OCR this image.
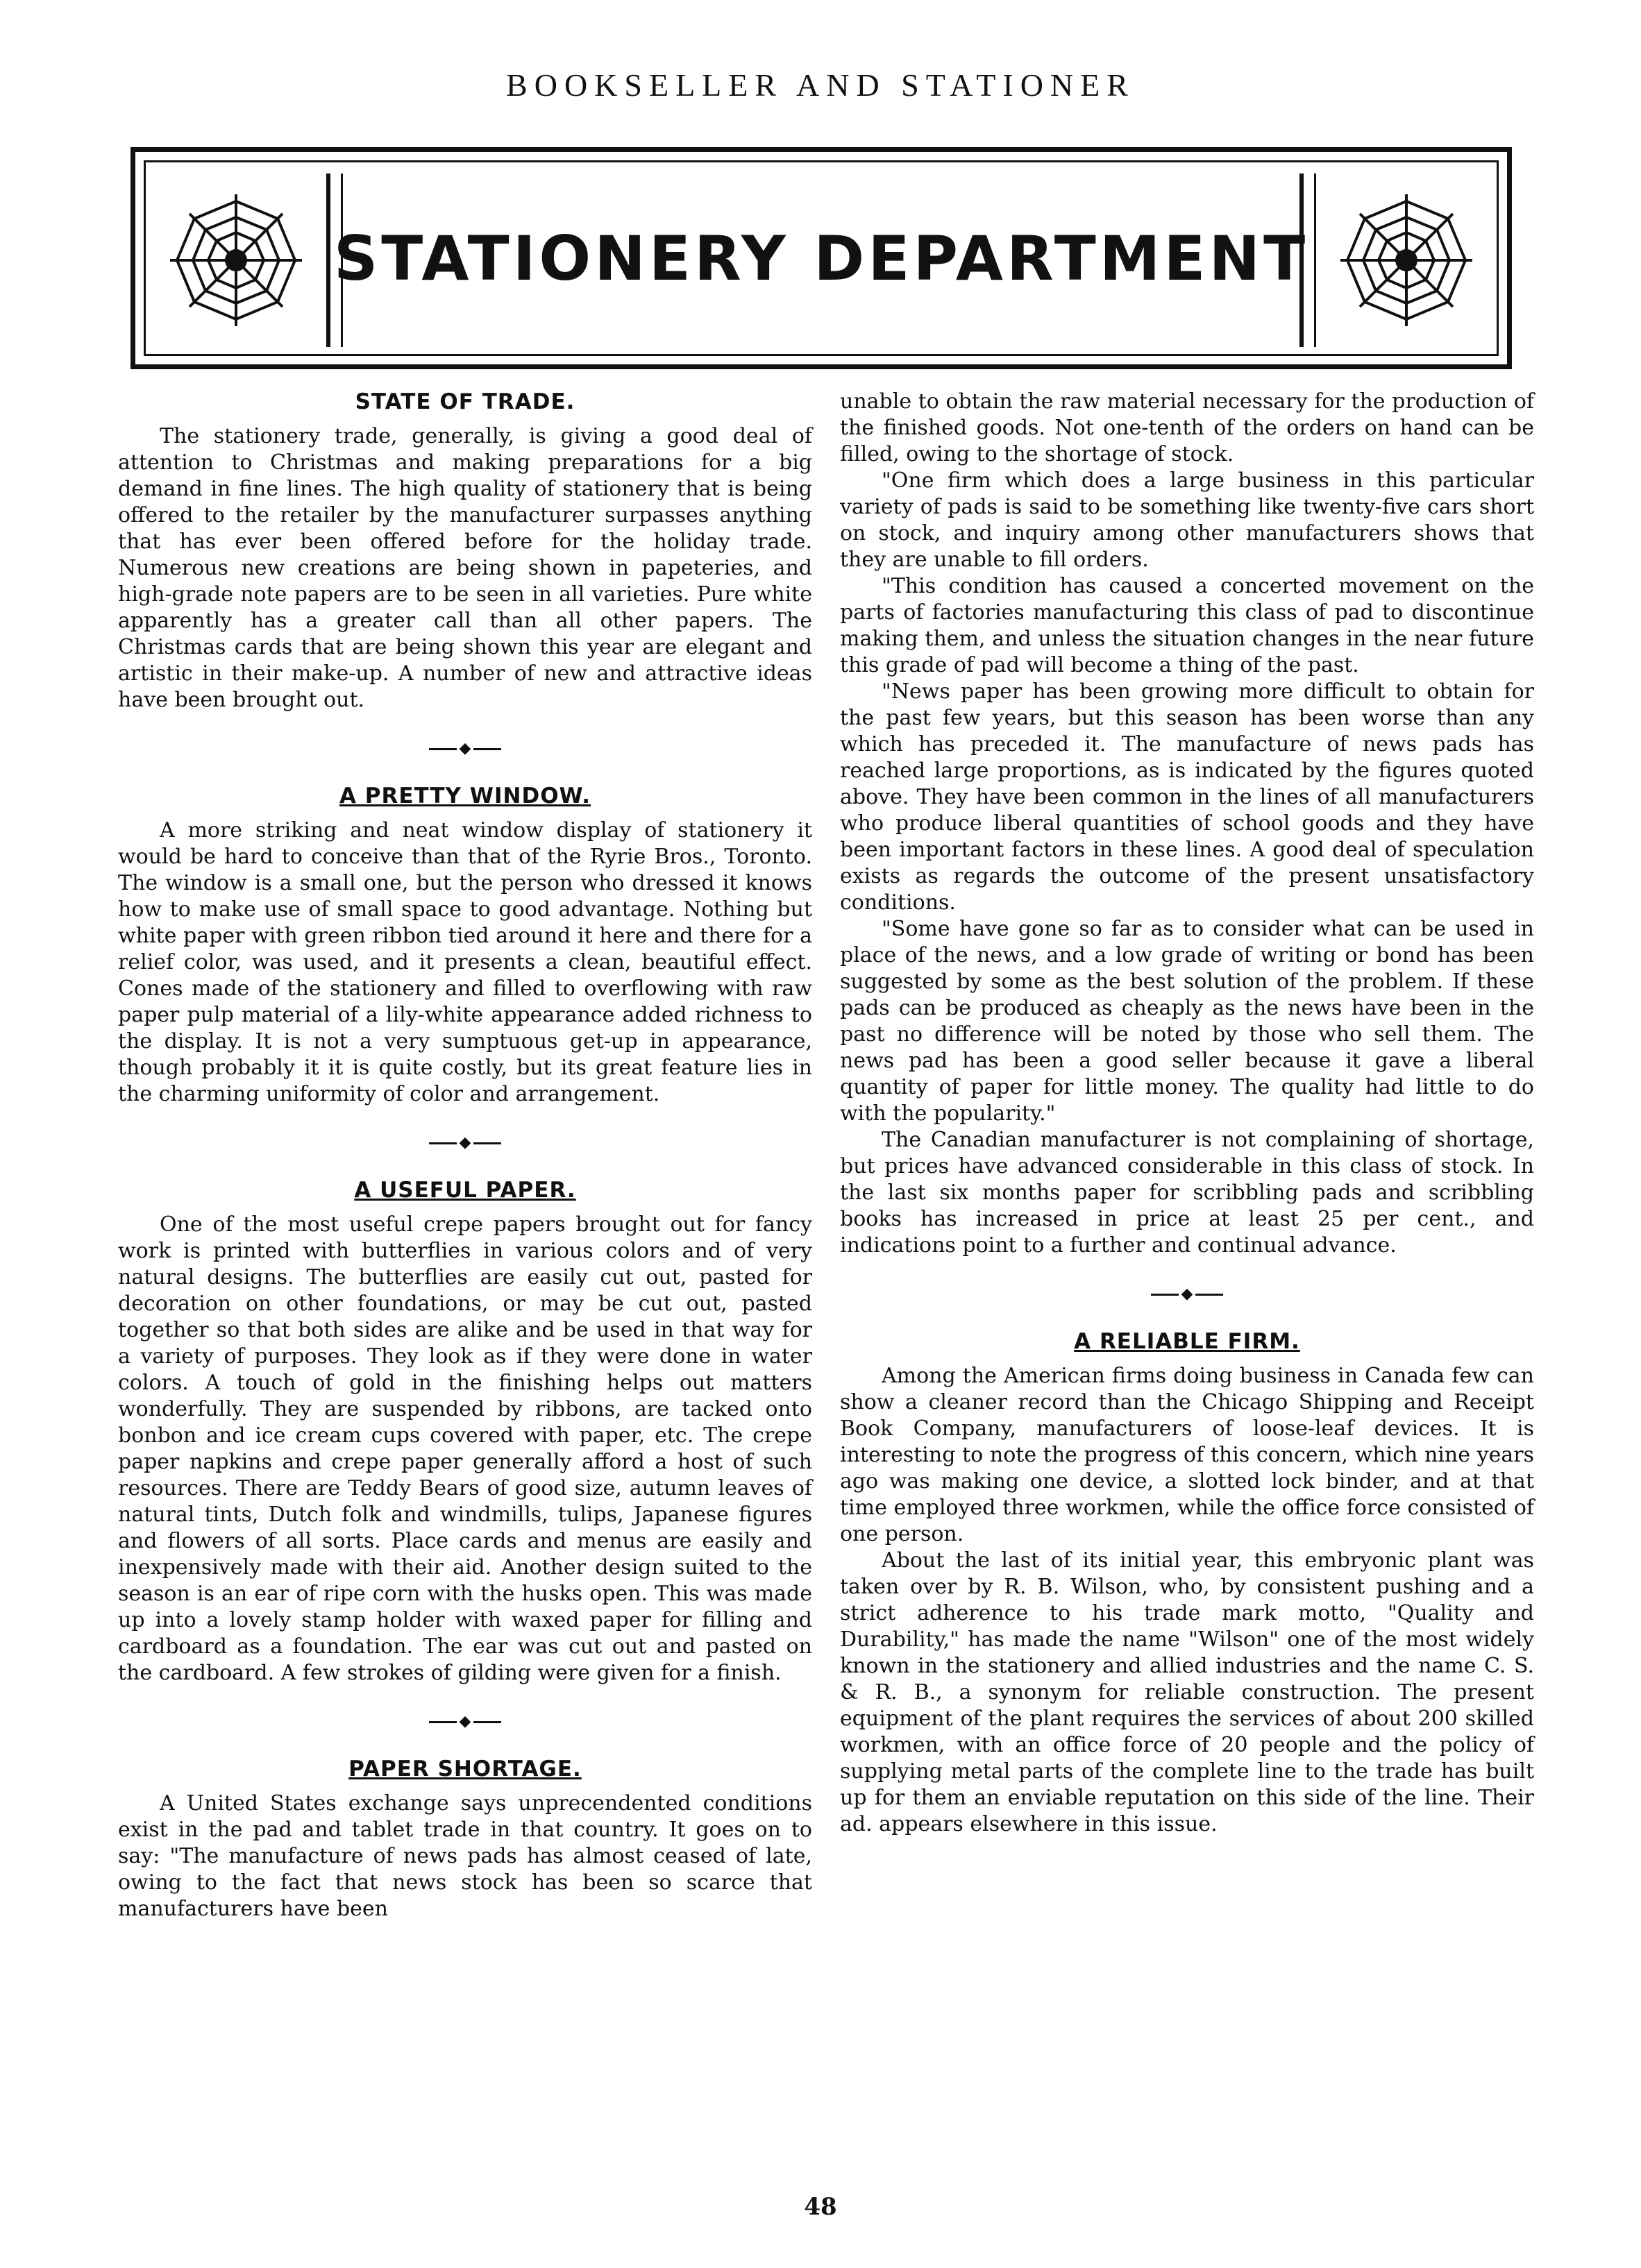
BOOKSELLER AND STATIONER
STATIONERY DEPARTMENT
STATE OF TRADE.

The stationery trade, generally, is giving a good deal of attention to Christmas and making preparations for a big demand in fine lines. The high quality of stationery that is being offered to the retailer by the manufacturer surpasses anything that has ever been offered before for the holiday trade. Numerous new creations are being shown in papeteries, and high-grade note papers are to be seen in all varieties. Pure white apparently has a greater call than all other papers. The Christmas cards that are being shown this year are elegant and artistic in their make-up. A number of new and attractive ideas have been brought out.

◆
A PRETTY WINDOW.

A more striking and neat window display of stationery it would be hard to conceive than that of the Ryrie Bros., Toronto. The window is a small one, but the person who dressed it knows how to make use of small space to good advantage. Nothing but white paper with green ribbon tied around it here and there for a relief color, was used, and it presents a clean, beautiful effect. Cones made of the stationery and filled to overflowing with raw paper pulp material of a lily-white appearance added richness to the display. It is not a very sumptuous get-up in appearance, though probably it it is quite costly, but its great feature lies in the charming uniformity of color and arrangement.

◆
A USEFUL PAPER.

One of the most useful crepe papers brought out for fancy work is printed with butterflies in various colors and of very natural designs. The butterflies are easily cut out, pasted for decoration on other foundations, or may be cut out, pasted together so that both sides are alike and be used in that way for a variety of purposes. They look as if they were done in water colors. A touch of gold in the finishing helps out matters wonderfully. They are suspended by ribbons, are tacked onto bonbon and ice cream cups covered with paper, etc. The crepe paper napkins and crepe paper generally afford a host of such resources. There are Teddy Bears of good size, autumn leaves of natural tints, Dutch folk and windmills, tulips, Japanese figures and flowers of all sorts. Place cards and menus are easily and inexpensively made with their aid. Another design suited to the season is an ear of ripe corn with the husks open. This was made up into a lovely stamp holder with waxed paper for filling and cardboard as a foundation. The ear was cut out and pasted on the cardboard. A few strokes of gilding were given for a finish.

◆
PAPER SHORTAGE.

A United States exchange says unprecendented conditions exist in the pad and tablet trade in that country. It goes on to say: "The manufacture of news pads has almost ceased of late, owing to the fact that news stock has been so scarce that manufacturers have been

unable to obtain the raw material necessary for the production of the finished goods. Not one-tenth of the orders on hand can be filled, owing to the shortage of stock.

"One firm which does a large business in this particular variety of pads is said to be something like twenty-five cars short on stock, and inquiry among other manufacturers shows that they are unable to fill orders.

"This condition has caused a concerted movement on the parts of factories manufacturing this class of pad to discontinue making them, and unless the situation changes in the near future this grade of pad will become a thing of the past.

"News paper has been growing more difficult to obtain for the past few years, but this season has been worse than any which has preceded it. The manufacture of news pads has reached large proportions, as is indicated by the figures quoted above. They have been common in the lines of all manufacturers who produce liberal quantities of school goods and they have been important factors in these lines. A good deal of speculation exists as regards the outcome of the present unsatisfactory conditions.

"Some have gone so far as to consider what can be used in place of the news, and a low grade of writing or bond has been suggested by some as the best solution of the problem. If these pads can be produced as cheaply as the news have been in the past no difference will be noted by those who sell them. The news pad has been a good seller because it gave a liberal quantity of paper for little money. The quality had little to do with the popularity."

The Canadian manufacturer is not complaining of shortage, but prices have advanced considerable in this class of stock. In the last six months paper for scribbling pads and scribbling books has increased in price at least 25 per cent., and indications point to a further and continual advance.

◆
A RELIABLE FIRM.

Among the American firms doing business in Canada few can show a cleaner record than the Chicago Shipping and Receipt Book Company, manufacturers of loose-leaf devices. It is interesting to note the progress of this concern, which nine years ago was making one device, a slotted lock binder, and at that time employed three workmen, while the office force consisted of one person.

About the last of its initial year, this embryonic plant was taken over by R. B. Wilson, who, by consistent pushing and a strict adherence to his trade mark motto, "Quality and Durability," has made the name "Wilson" one of the most widely known in the stationery and allied industries and the name C. S. & R. B., a synonym for reliable construction. The present equipment of the plant requires the services of about 200 skilled workmen, with an office force of 20 people and the policy of supplying metal parts of the complete line to the trade has built up for them an enviable reputation on this side of the line. Their ad. appears elsewhere in this issue.

48
